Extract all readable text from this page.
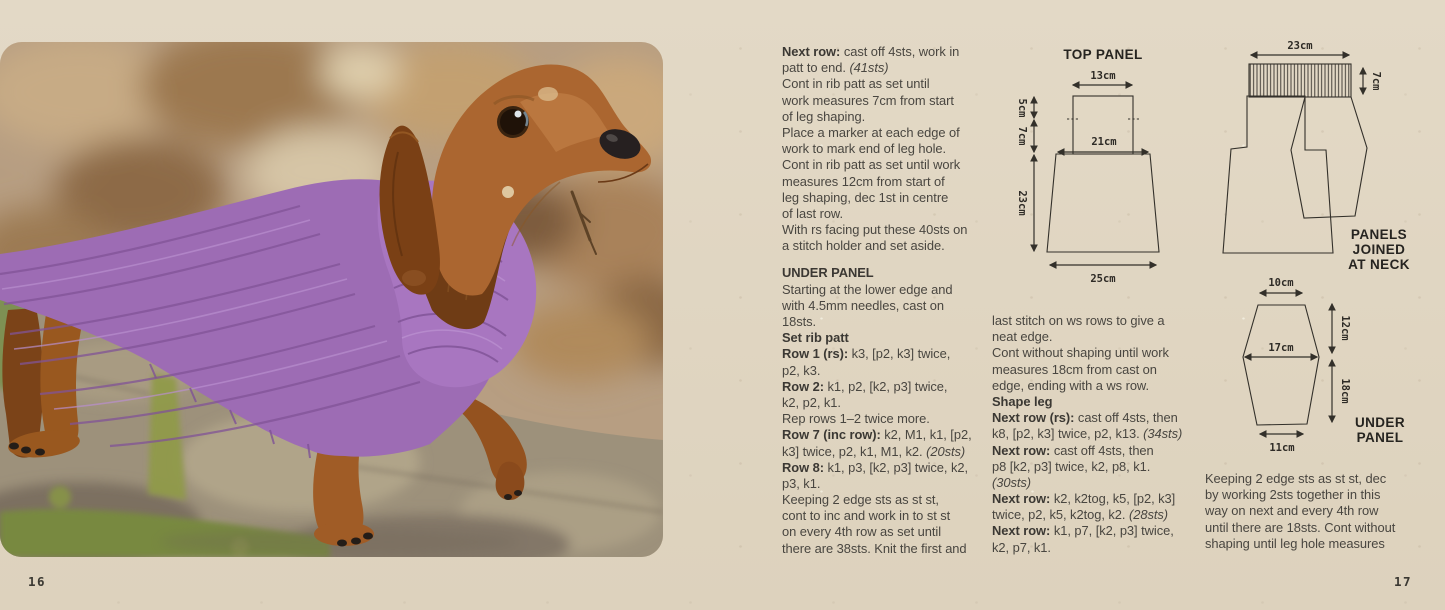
Next row: cast off 4sts, work in
patt to end. (41sts)
Cont in rib patt as set until
work measures 7cm from start
of leg shaping.
Place a marker at each edge of
work to mark end of leg hole.
Cont in rib patt as set until work
measures 12cm from start of
leg shaping, dec 1st in centre
of last row.
With rs facing put these 40sts on
a stitch holder and set aside.
UNDER PANEL
Starting at the lower edge and
with 4.5mm needles, cast on
18sts.
Set rib patt
Row 1 (rs): k3, [p2, k3] twice,
p2, k3.
Row 2: k1, p2, [k2, p3] twice,
k2, p2, k1.
Rep rows 1–2 twice more.
Row 7 (inc row): k2, M1, k1, [p2,
k3] twice, p2, k1, M1, k2. (20sts)
Row 8: k1, p3, [k2, p3] twice, k2,
p3, k1.
Keeping 2 edge sts as st st,
cont to inc and work in to st st
on every 4th row as set until
there are 38sts. Knit the first and
last stitch on ws rows to give a
neat edge.
Cont without shaping until work
measures 18cm from cast on
edge, ending with a ws row.
Shape leg
Next row (rs): cast off 4sts, then
k8, [p2, k3] twice, p2, k13. (34sts)
Next row: cast off 4sts, then
p8 [k2, p3] twice, k2, p8, k1.
(30sts)
Next row: k2, k2tog, k5, [p2, k3]
twice, p2, k5, k2tog, k2. (28sts)
Next row: k1, p7, [k2, p3] twice,
k2, p7, k1.
Keeping 2 edge sts as st st, dec
by working 2sts together in this
way on next and every 4th row
until there are 18sts. Cont without
shaping until leg hole measures
TOP PANEL
13cm
5cm
7cm	21cm
23cm
25cm
23cm
7cm
PANELS
JOINED
AT NECK
10cm
17cm
12cm
18cm
11cm
UNDER
PANEL
16	17
